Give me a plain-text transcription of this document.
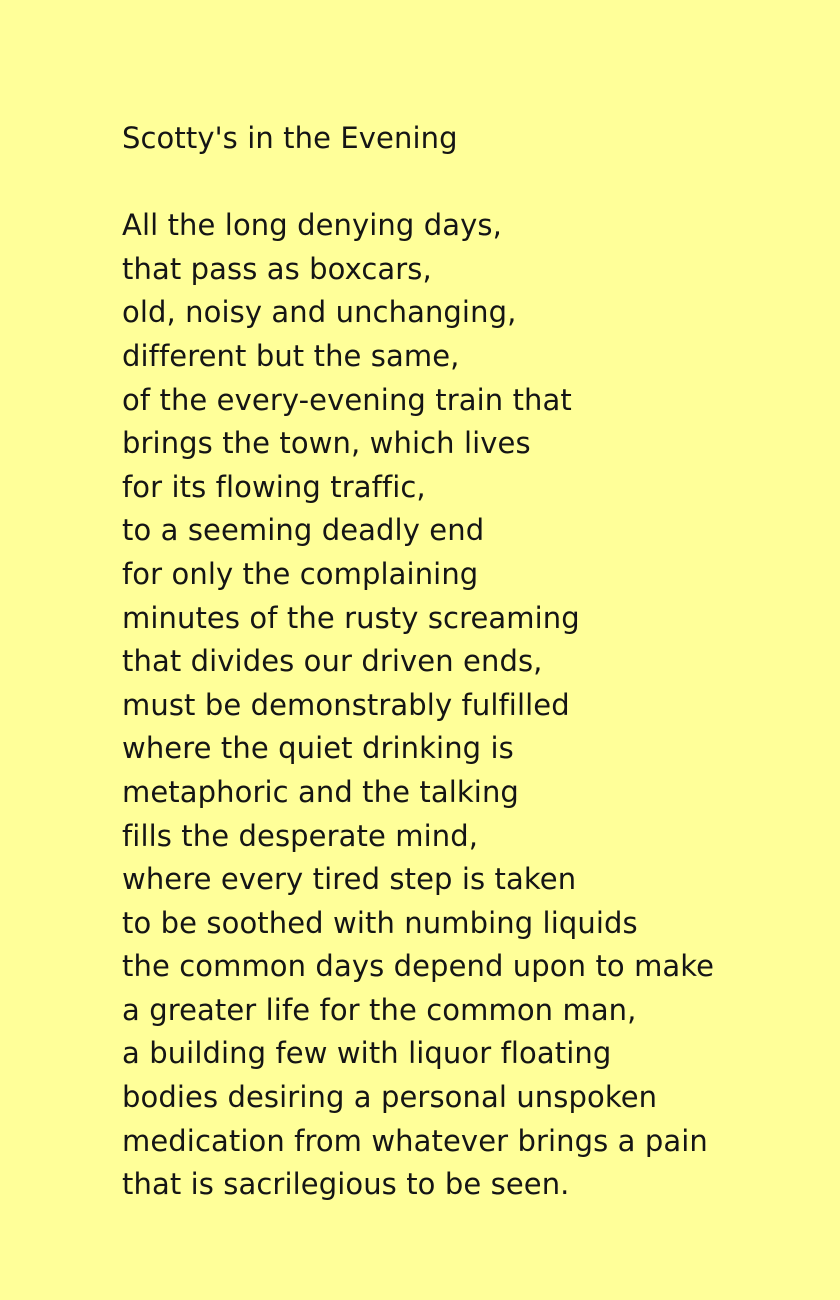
Scotty's in the Evening
All the long denying days,
that pass as boxcars,
old, noisy and unchanging,
different but the same,
of the every-evening train that
brings the town, which lives
for its flowing traffic,
to a seeming deadly end
for only the complaining
minutes of the rusty screaming
that divides our driven ends,
must be demonstrably fulfilled
where the quiet drinking is
metaphoric and the talking
fills the desperate mind,
where every tired step is taken
to be soothed with numbing liquids
the common days depend upon to make
a greater life for the common man,
a building few with liquor floating
bodies desiring a personal unspoken
medication from whatever brings a pain
that is sacrilegious to be seen.
